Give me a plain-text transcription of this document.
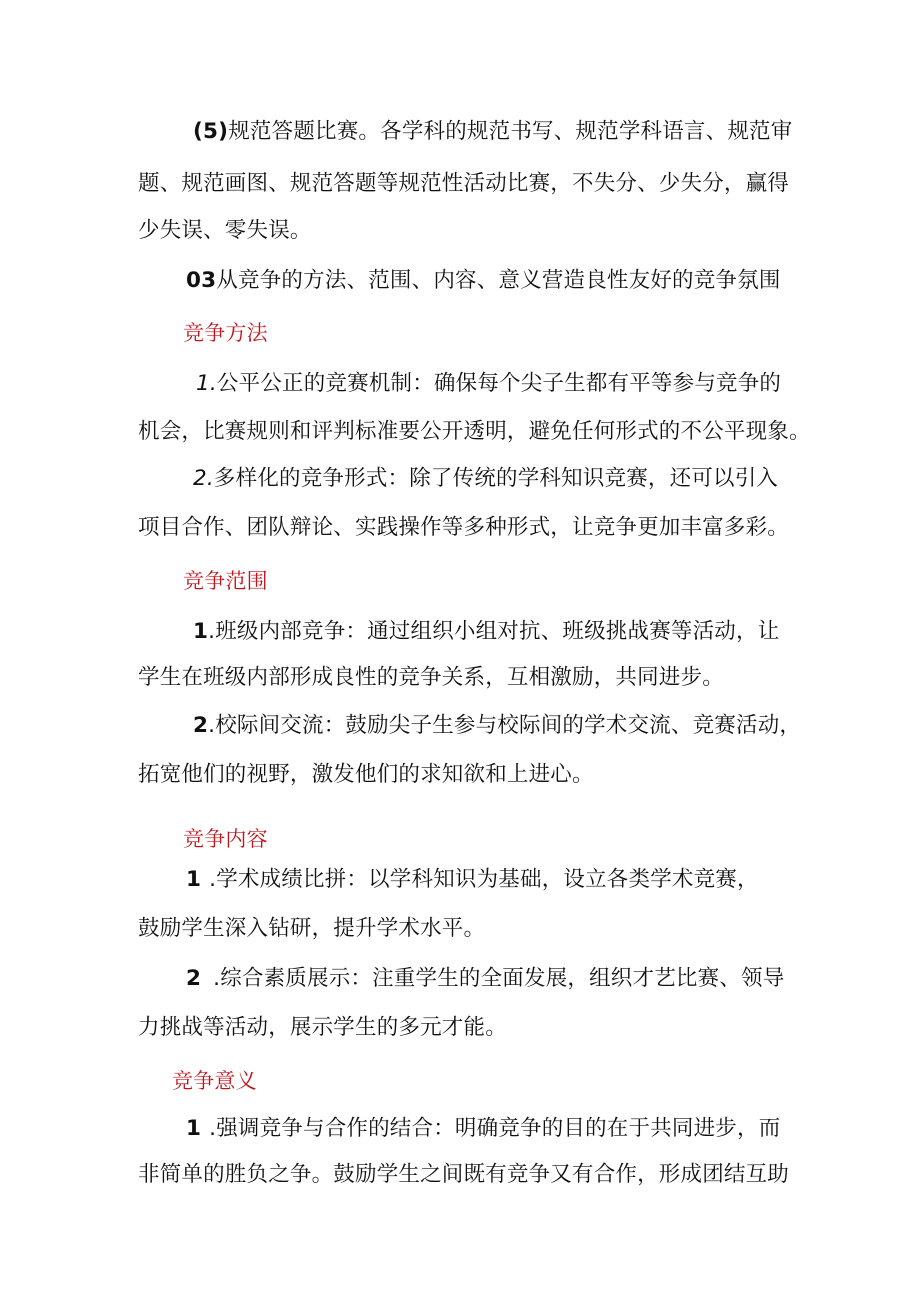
(5)规范答题比赛。各学科的规范书写、规范学科语言、规范审
题、规范画图、规范答题等规范性活动比赛，不失分、少失分，赢得
少失误、零失误。
03从竞争的方法、范围、内容、意义营造良性友好的竞争氛围
竞争方法
1.公平公正的竞赛机制：确保每个尖子生都有平等参与竞争的
机会，比赛规则和评判标准要公开透明，避免任何形式的不公平现象。
2.多样化的竞争形式：除了传统的学科知识竞赛，还可以引入
项目合作、团队辩论、实践操作等多种形式，让竞争更加丰富多彩。
竞争范围
1.班级内部竞争：通过组织小组对抗、班级挑战赛等活动，让
学生在班级内部形成良性的竞争关系，互相激励，共同进步。
2.校际间交流：鼓励尖子生参与校际间的学术交流、竞赛活动，
拓宽他们的视野，激发他们的求知欲和上进心。
竞争内容
1 .学术成绩比拼：以学科知识为基础，设立各类学术竞赛，
鼓励学生深入钻研，提升学术水平。
2 .综合素质展示：注重学生的全面发展，组织才艺比赛、领导
力挑战等活动，展示学生的多元才能。
竞争意义
1 .强调竞争与合作的结合：明确竞争的目的在于共同进步，而
非简单的胜负之争。鼓励学生之间既有竞争又有合作，形成团结互助
